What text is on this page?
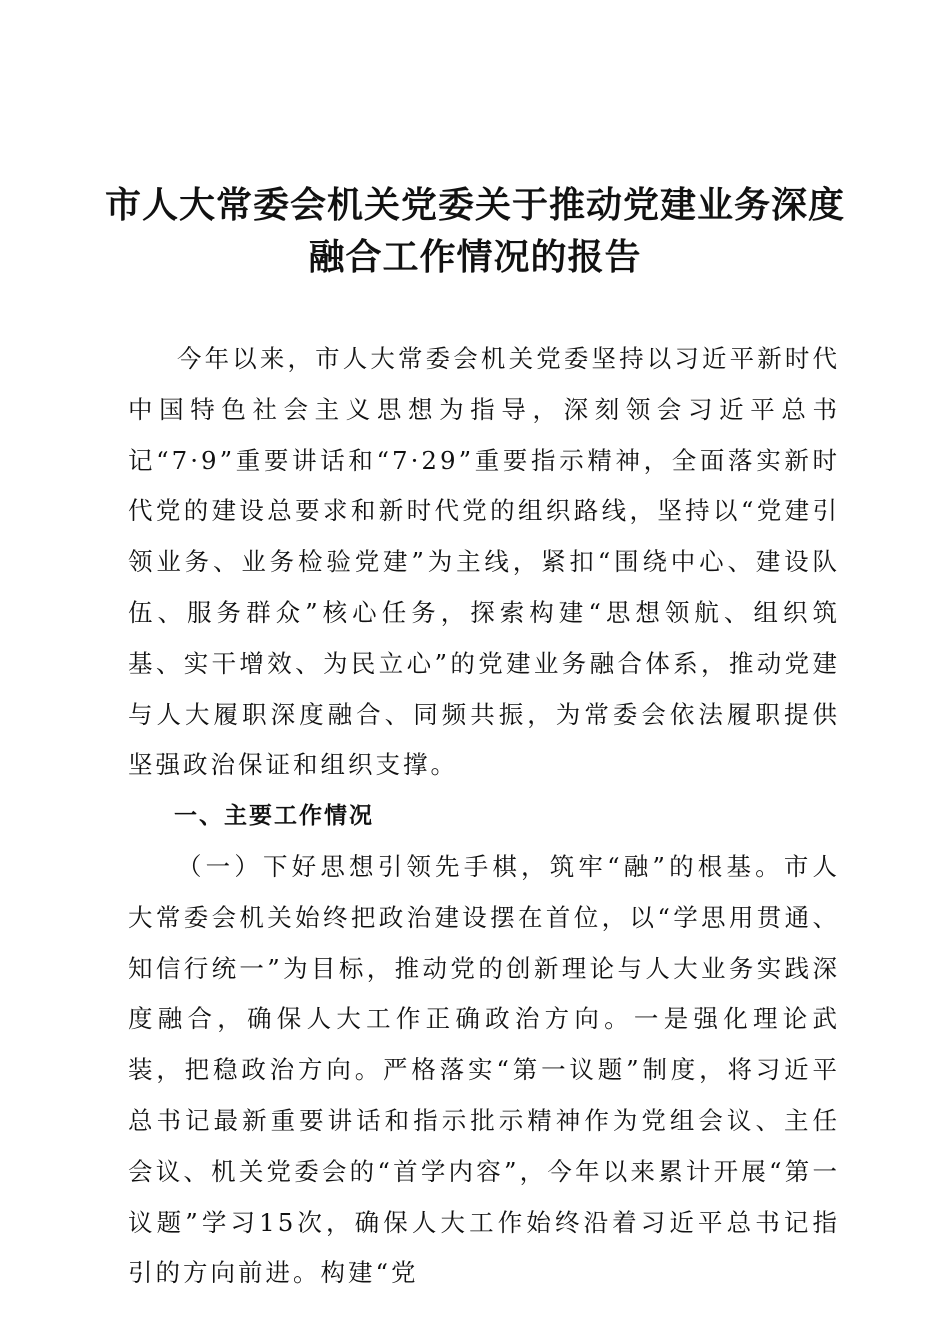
市人大常委会机关党委关于推动党建业务深度
融合工作情况的报告

今年以来，市人大常委会机关党委坚持以习近平新时代中国特色社会主义思想为指导，深刻领会习近平总书记“7·9”重要讲话和“7·29”重要指示精神，全面落实新时代党的建设总要求和新时代党的组织路线，坚持以“党建引领业务、业务检验党建”为主线，紧扣“围绕中心、建设队伍、服务群众”核心任务，探索构建“思想领航、组织筑基、实干增效、为民立心”的党建业务融合体系，推动党建与人大履职深度融合、同频共振，为常委会依法履职提供坚强政治保证和组织支撑。

一、主要工作情况

（一）下好思想引领先手棋，筑牢“融”的根基。市人大常委会机关始终把政治建设摆在首位，以“学思用贯通、知信行统一”为目标，推动党的创新理论与人大业务实践深度融合，确保人大工作正确政治方向。一是强化理论武装，把稳政治方向。严格落实“第一议题”制度，将习近平总书记最新重要讲话和指示批示精神作为党组会议、主任会议、机关党委会的“首学内容”，今年以来累计开展“第一议题”学习15次，确保人大工作始终沿着习近平总书记指引的方向前进。构建“党
